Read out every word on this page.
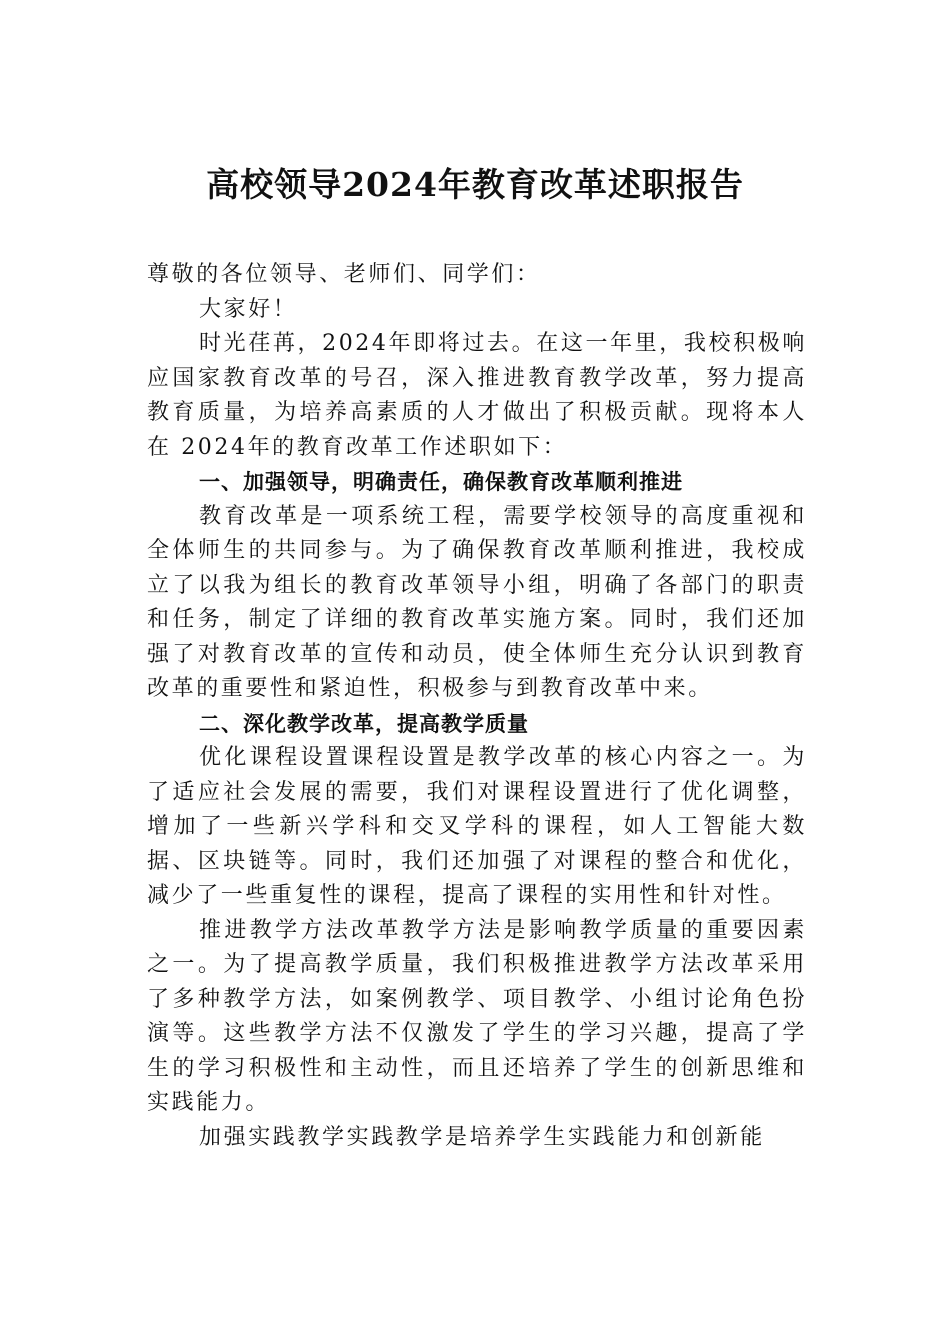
高校领导2024年教育改革述职报告

尊敬的各位领导、老师们、同学们：

大家好！

时光荏苒，2024年即将过去。在这一年里，我校积极响应国家教育改革的号召，深入推进教育教学改革，努力提高教育质量，为培养高素质的人才做出了积极贡献。现将本人在 2024年的教育改革工作述职如下：

一、加强领导，明确责任，确保教育改革顺利推进

教育改革是一项系统工程，需要学校领导的高度重视和全体师生的共同参与。为了确保教育改革顺利推进，我校成立了以我为组长的教育改革领导小组，明确了各部门的职责和任务，制定了详细的教育改革实施方案。同时，我们还加强了对教育改革的宣传和动员，使全体师生充分认识到教育改革的重要性和紧迫性，积极参与到教育改革中来。

二、深化教学改革，提高教学质量

优化课程设置课程设置是教学改革的核心内容之一。为了适应社会发展的需要，我们对课程设置进行了优化调整，增加了一些新兴学科和交叉学科的课程，如人工智能大数据、区块链等。同时，我们还加强了对课程的整合和优化，减少了一些重复性的课程，提高了课程的实用性和针对性。

推进教学方法改革教学方法是影响教学质量的重要因素之一。为了提高教学质量，我们积极推进教学方法改革采用了多种教学方法，如案例教学、项目教学、小组讨论角色扮演等。这些教学方法不仅激发了学生的学习兴趣，提高了学生的学习积极性和主动性，而且还培养了学生的创新思维和实践能力。

加强实践教学实践教学是培养学生实践能力和创新能
